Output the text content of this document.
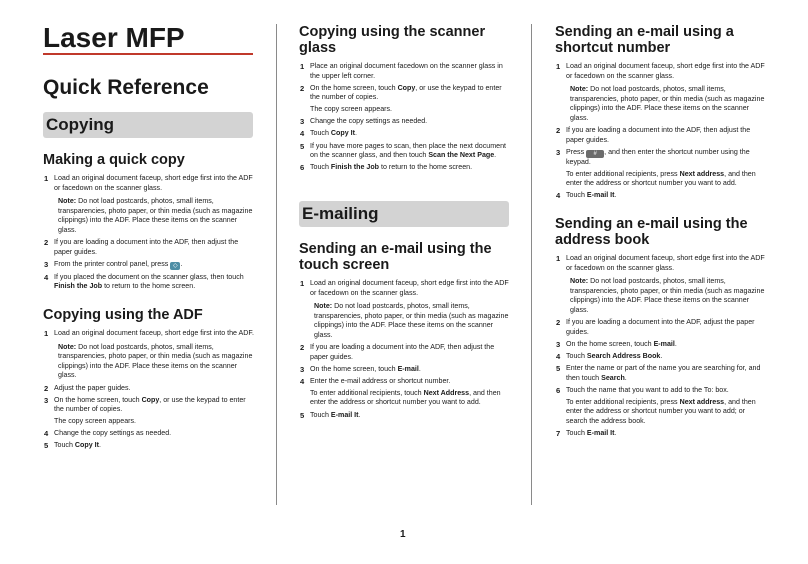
Laser MFP
Quick Reference
Copying
Making a quick copy
1 Load an original document faceup, short edge first into the ADF or facedown on the scanner glass.
Note: Do not load postcards, photos, small items, transparencies, photo paper, or thin media (such as magazine clippings) into the ADF. Place these items on the scanner glass.
2 If you are loading a document into the ADF, then adjust the paper guides.
3 From the printer control panel, press ◇ .
4 If you placed the document on the scanner glass, then touch Finish the Job to return to the home screen.
Copying using the ADF
1 Load an original document faceup, short edge first into the ADF.
Note: Do not load postcards, photos, small items, transparencies, photo paper, or thin media (such as magazine clippings) into the ADF. Place these items on the scanner glass.
2 Adjust the paper guides.
3 On the home screen, touch Copy, or use the keypad to enter the number of copies.
The copy screen appears.
4 Change the copy settings as needed.
5 Touch Copy It.
Copying using the scanner glass
1 Place an original document facedown on the scanner glass in the upper left corner.
2 On the home screen, touch Copy, or use the keypad to enter the number of copies.
The copy screen appears.
3 Change the copy settings as needed.
4 Touch Copy It.
5 If you have more pages to scan, then place the next document on the scanner glass, and then touch Scan the Next Page.
6 Touch Finish the Job to return to the home screen.
E-mailing
Sending an e-mail using the touch screen
1 Load an original document faceup, short edge first into the ADF or facedown on the scanner glass.
Note: Do not load postcards, photos, small items, transparencies, photo paper, or thin media (such as magazine clippings) into the ADF. Place these items on the scanner glass.
2 If you are loading a document into the ADF, then adjust the paper guides.
3 On the home screen, touch E-mail.
4 Enter the e-mail address or shortcut number.
To enter additional recipients, touch Next Address, and then enter the address or shortcut number you want to add.
5 Touch E-mail It.
Sending an e-mail using a shortcut number
1 Load an original document faceup, short edge first into the ADF or facedown on the scanner glass.
Note: Do not load postcards, photos, small items, transparencies, photo paper, or thin media (such as magazine clippings) into the ADF. Place these items on the scanner glass.
2 If you are loading a document into the ADF, then adjust the paper guides.
3 Press # , and then enter the shortcut number using the keypad.
To enter additional recipients, press Next address, and then enter the address or shortcut number you want to add.
4 Touch E-mail It.
Sending an e-mail using the address book
1 Load an original document faceup, short edge first into the ADF or facedown on the scanner glass.
Note: Do not load postcards, photos, small items, transparencies, photo paper, or thin media (such as magazine clippings) into the ADF. Place these items on the scanner glass.
2 If you are loading a document into the ADF, adjust the paper guides.
3 On the home screen, touch E-mail.
4 Touch Search Address Book.
5 Enter the name or part of the name you are searching for, and then touch Search.
6 Touch the name that you want to add to the To: box.
To enter additional recipients, press Next address, and then enter the address or shortcut number you want to add; or search the address book.
7 Touch E-mail It.
1
